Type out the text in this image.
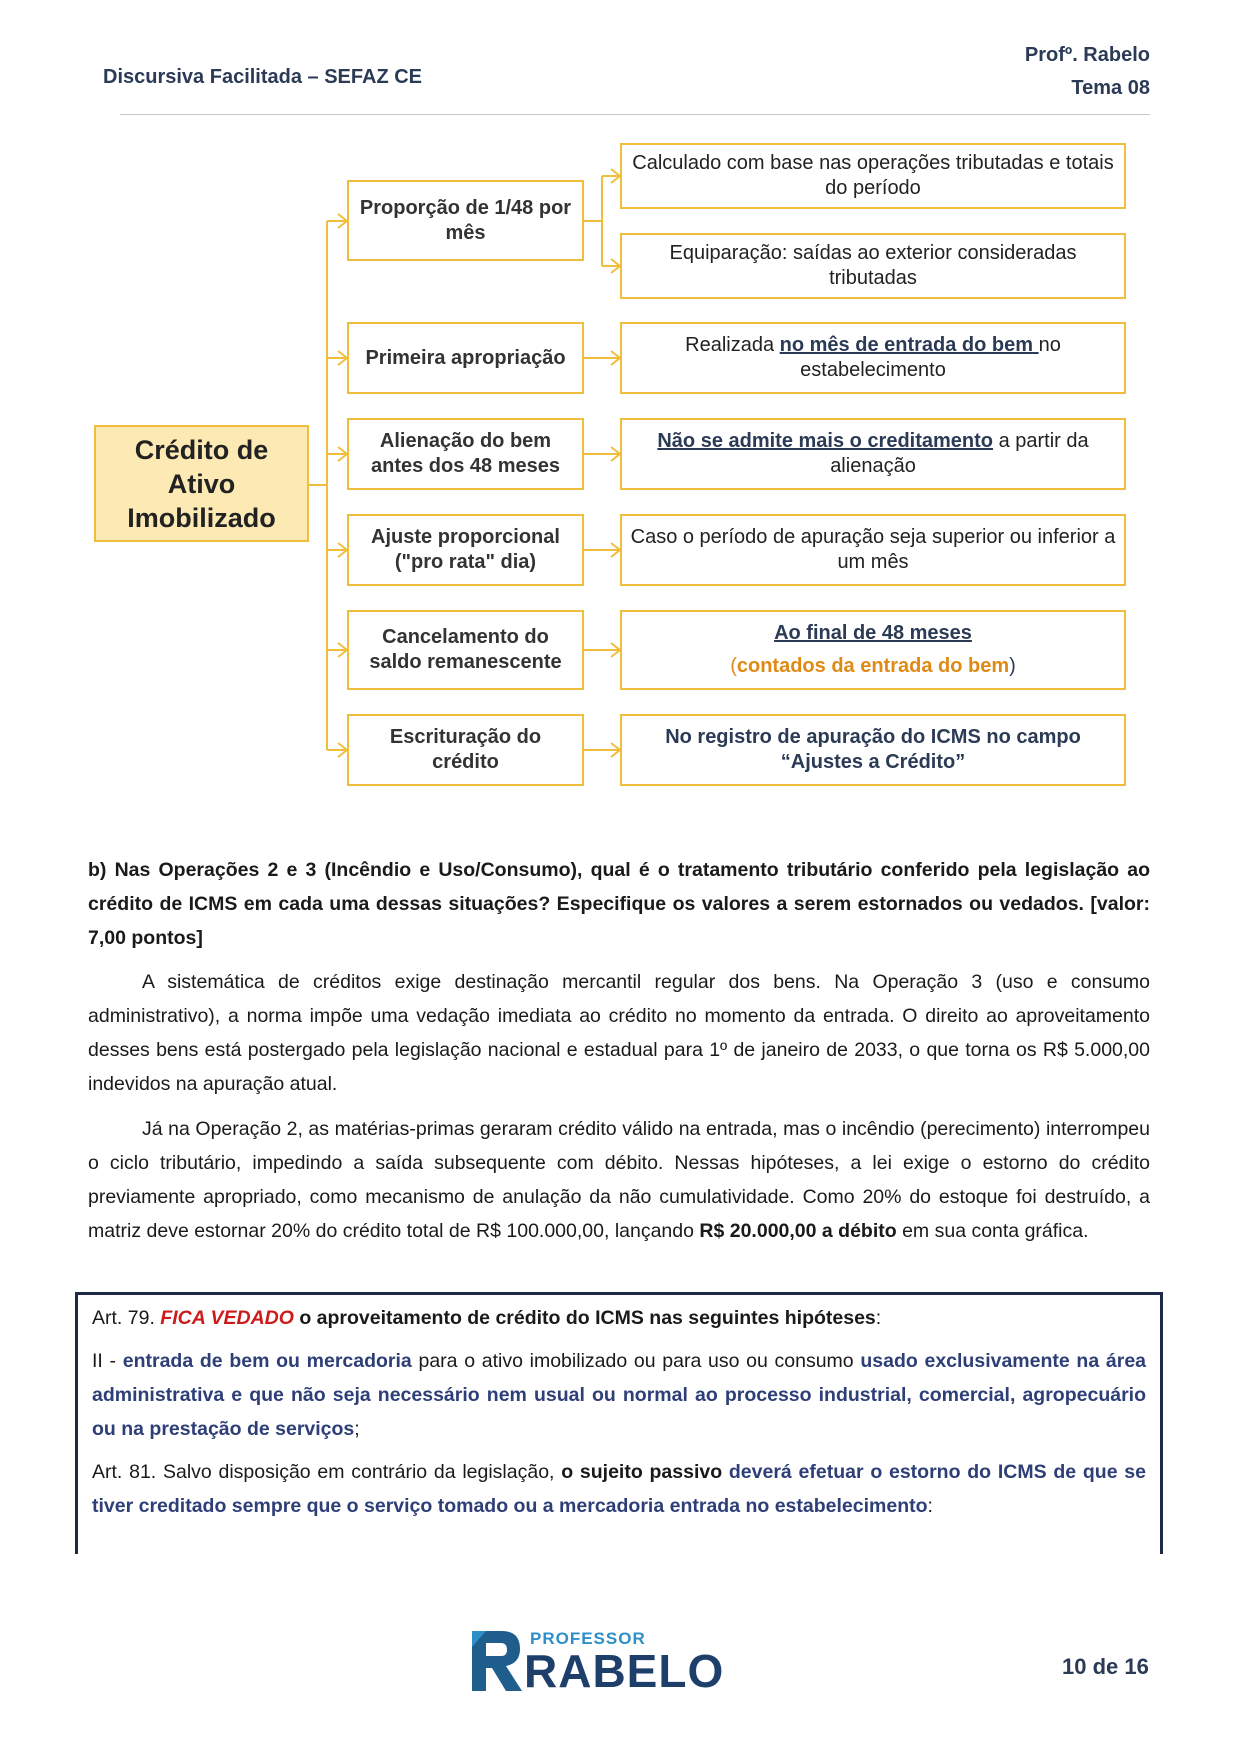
Discursiva Facilitada – SEFAZ CE
Profº. Rabelo
Tema 08
Crédito de Ativo Imobilizado
Proporção de 1/48 por mês
Primeira apropriação
Alienação do bem antes dos 48 meses
Ajuste proporcional ("pro rata" dia)
Cancelamento do saldo remanescente
Escrituração do crédito
Calculado com base nas operações tributadas e totais do período
Equiparação: saídas ao exterior consideradas tributadas
Realizada no mês de entrada do bem no estabelecimento
Não se admite mais o creditamento a partir da alienação
Caso o período de apuração seja superior ou inferior a um mês
Ao final de 48 meses
(contados da entrada do bem)
No registro de apuração do ICMS no campo “Ajustes a Crédito”
b) Nas Operações 2 e 3 (Incêndio e Uso/Consumo), qual é o tratamento tributário conferido pela legislação ao crédito de ICMS em cada uma dessas situações? Especifique os valores a serem estornados ou vedados. [valor: 7,00 pontos]
A sistemática de créditos exige destinação mercantil regular dos bens. Na Operação 3 (uso e consumo administrativo), a norma impõe uma vedação imediata ao crédito no momento da entrada. O direito ao aproveitamento desses bens está postergado pela legislação nacional e estadual para 1º de janeiro de 2033, o que torna os R$ 5.000,00 indevidos na apuração atual.
Já na Operação 2, as matérias-primas geraram crédito válido na entrada, mas o incêndio (perecimento) interrompeu o ciclo tributário, impedindo a saída subsequente com débito. Nessas hipóteses, a lei exige o estorno do crédito previamente apropriado, como mecanismo de anulação da não cumulatividade. Como 20% do estoque foi destruído, a matriz deve estornar 20% do crédito total de R$ 100.000,00, lançando R$ 20.000,00 a débito em sua conta gráfica.

Art. 79. FICA VEDADO o aproveitamento de crédito do ICMS nas seguintes hipóteses:

II - entrada de bem ou mercadoria para o ativo imobilizado ou para uso ou consumo usado exclusivamente na área administrativa e que não seja necessário nem usual ou normal ao processo industrial, comercial, agropecuário ou na prestação de serviços;

Art. 81. Salvo disposição em contrário da legislação, o sujeito passivo deverá efetuar o estorno do ICMS de que se tiver creditado sempre que o serviço tomado ou a mercadoria entrada no estabelecimento:

PROFESSOR
RABELO	10 de 16
